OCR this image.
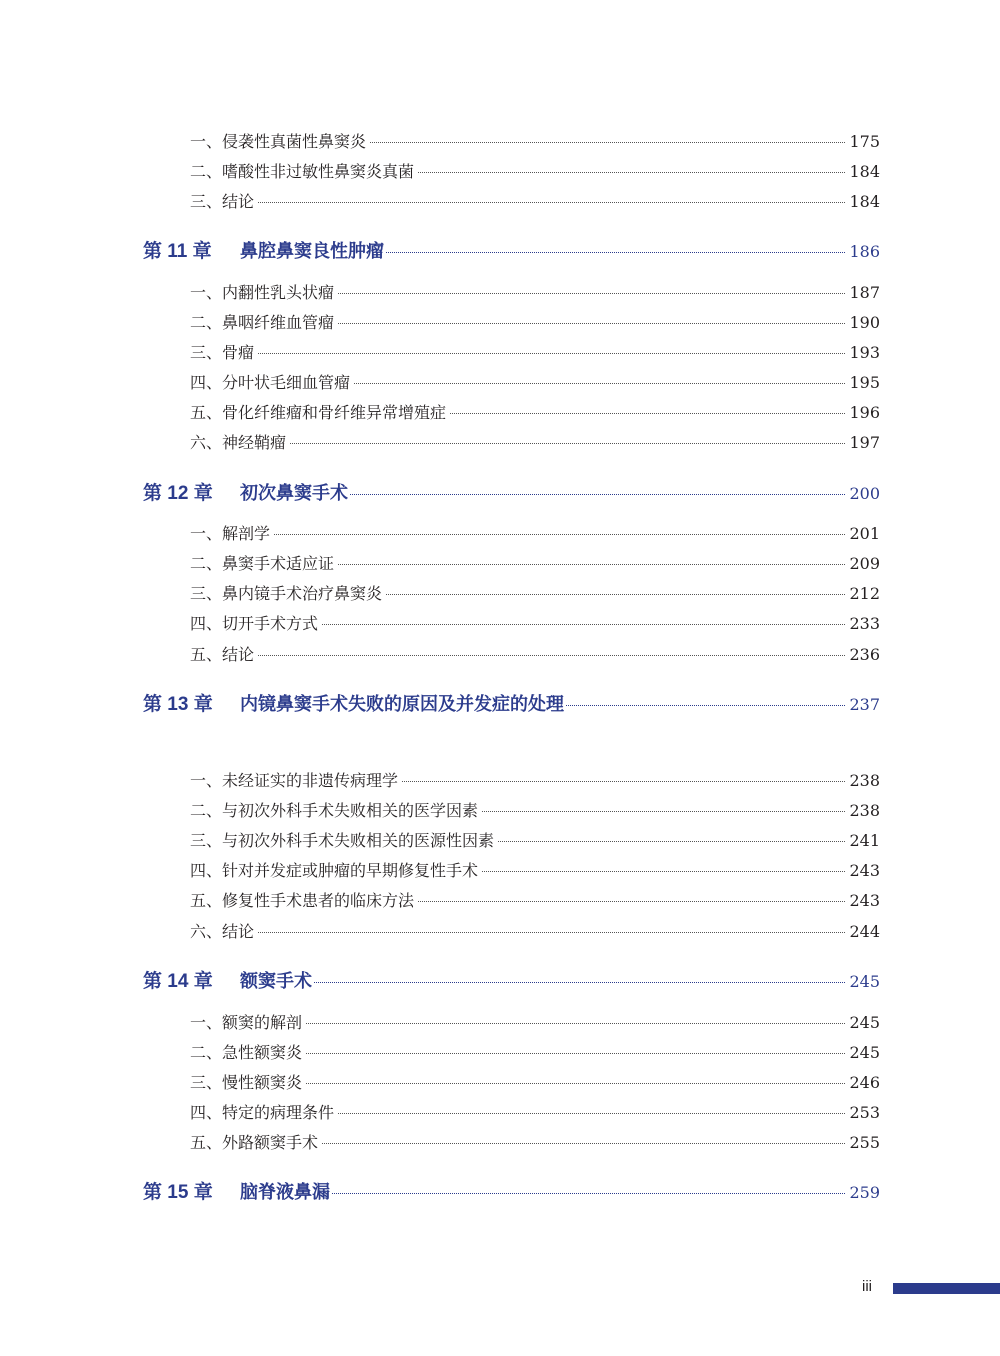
一、 侵袭性真菌性鼻窦炎	175
二、 嗜酸性非过敏性鼻窦炎真菌	184
三、 结论	184
第 11 章	鼻腔鼻窦良性肿瘤	186
一、 内翻性乳头状瘤	187
二、 鼻咽纤维血管瘤	190
三、 骨瘤	193
四、 分叶状毛细血管瘤	195
五、 骨化纤维瘤和骨纤维异常增殖症	196
六、 神经鞘瘤	197
第 12 章	初次鼻窦手术	200
一、 解剖学	201
二、 鼻窦手术适应证	209
三、 鼻内镜手术治疗鼻窦炎	212
四、 切开手术方式	233
五、 结论	236
第 13 章	内镜鼻窦手术失败的原因及并发症的处理	237
一、 未经证实的非遗传病理学	238
二、 与初次外科手术失败相关的医学因素	238
三、 与初次外科手术失败相关的医源性因素	241
四、 针对并发症或肿瘤的早期修复性手术	243
五、 修复性手术患者的临床方法	243
六、 结论	244
第 14 章	额窦手术	245
一、 额窦的解剖	245
二、 急性额窦炎	245
三、 慢性额窦炎	246
四、 特定的病理条件	253
五、 外路额窦手术	255
第 15 章	脑脊液鼻漏	259
iii
